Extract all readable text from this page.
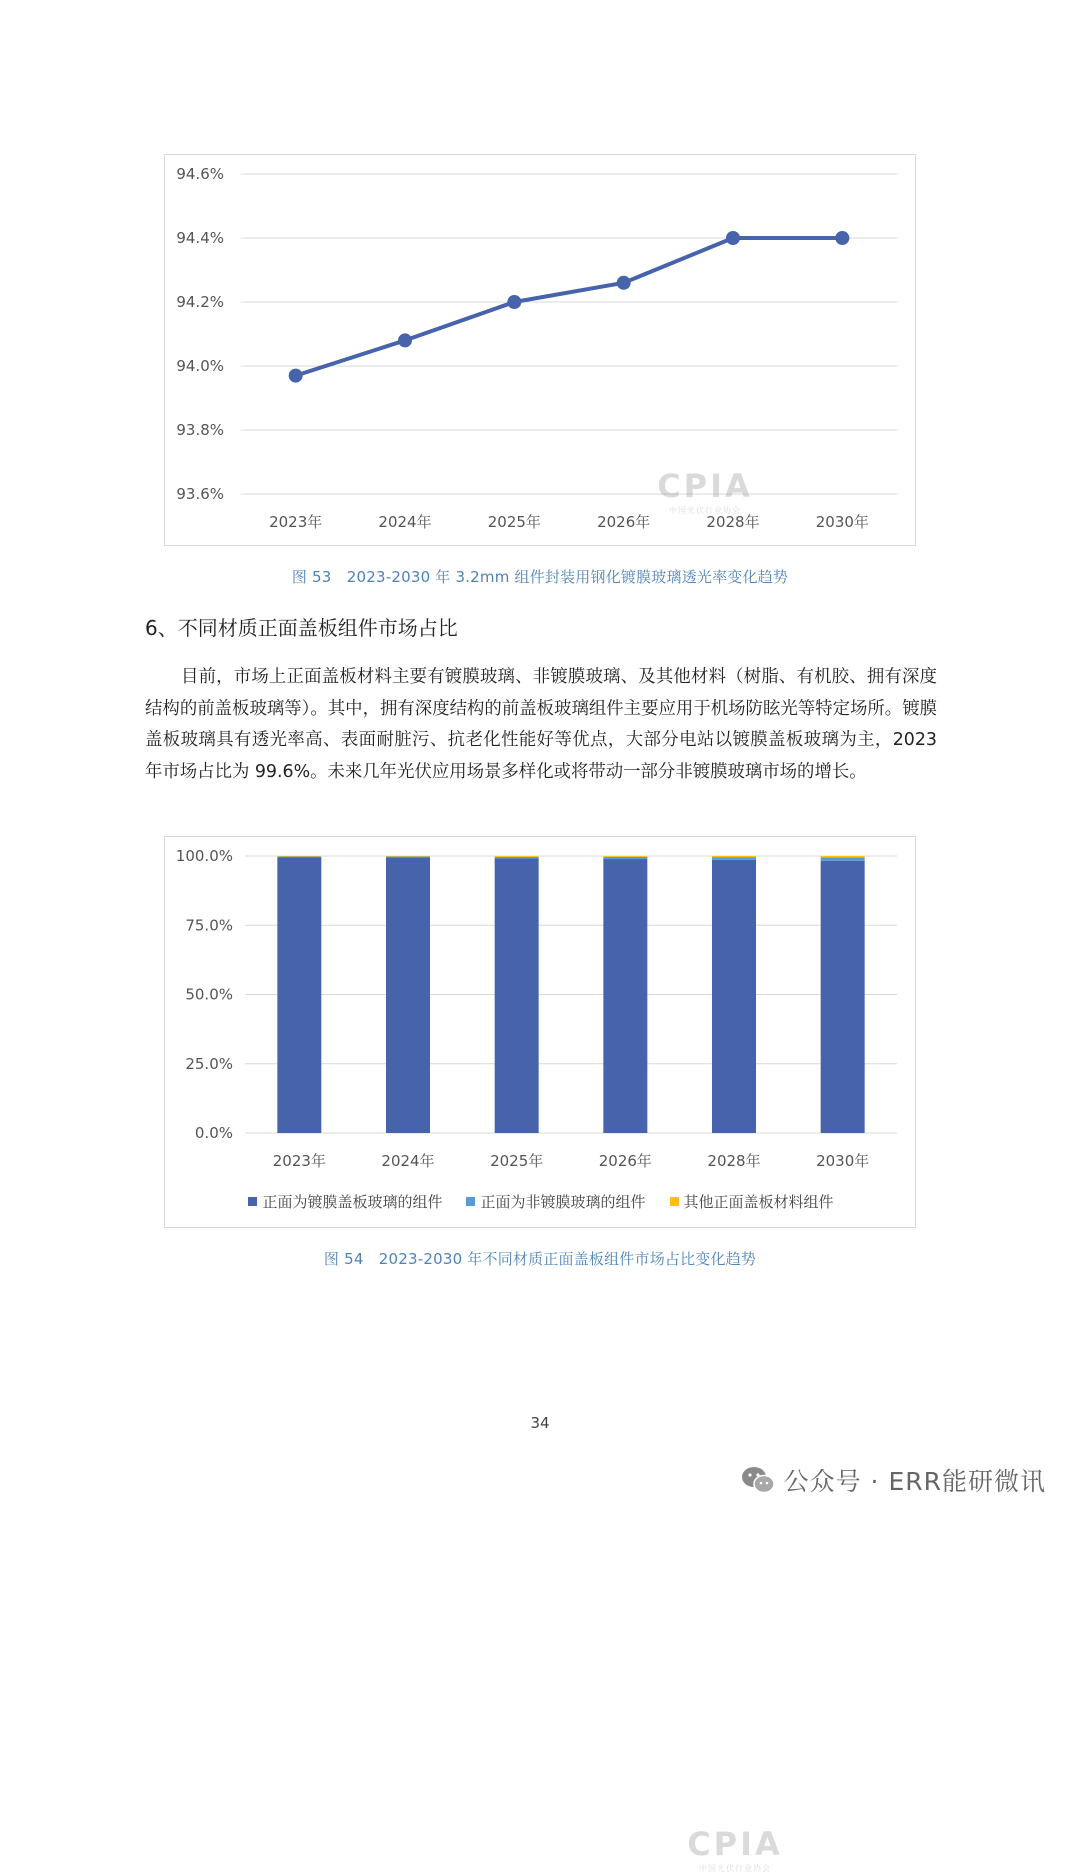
94.6%
94.4%
94.2%
94.0%
93.8%
93.6%
2023年	2024年	2025年	2026年	2028年	2030年
CPIA
中国光伏行业协会
图 53　2023-2030 年 3.2mm 组件封装用钢化镀膜玻璃透光率变化趋势
6、不同材质正面盖板组件市场占比

目前，市场上正面盖板材料主要有镀膜玻璃、非镀膜玻璃、及其他材料（树脂、有机胶、拥有深度结构的前盖板玻璃等）。其中，拥有深度结构的前盖板玻璃组件主要应用于机场防眩光等特定场所。镀膜盖板玻璃具有透光率高、表面耐脏污、抗老化性能好等优点，大部分电站以镀膜盖板玻璃为主，2023 年市场占比为 99.6%。未来几年光伏应用场景多样化或将带动一部分非镀膜玻璃市场的增长。

100.0%
75.0%
50.0%
25.0%
0.0%
2023年	2024年	2025年	2026年	2028年	2030年
CPIA
中国光伏行业协会
正面为镀膜盖板玻璃的组件	正面为非镀膜玻璃的组件	其他正面盖板材料组件
图 54　2023-2030 年不同材质正面盖板组件市场占比变化趋势
34
公众号 · ERR能研微讯
